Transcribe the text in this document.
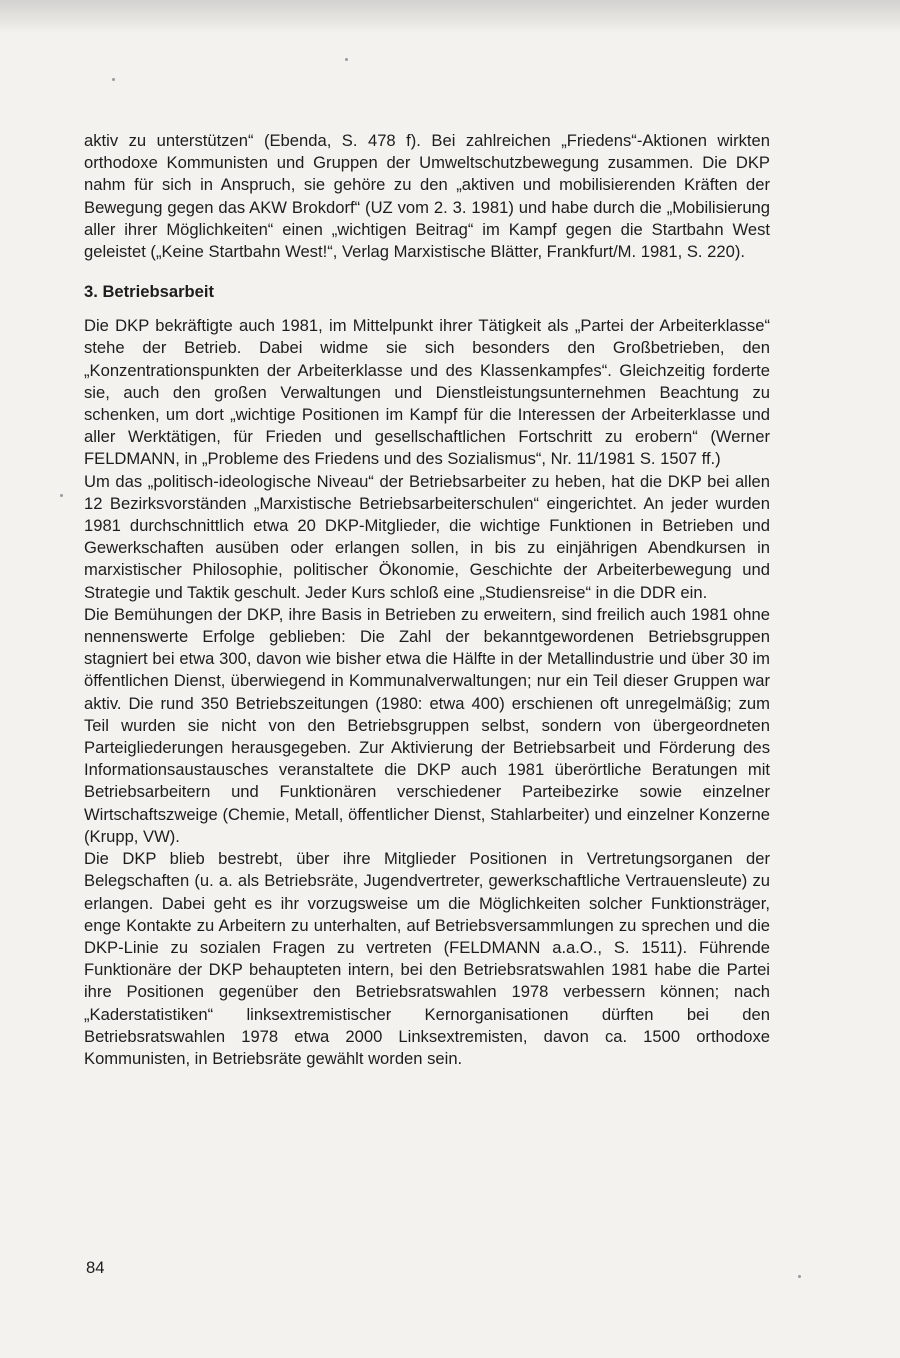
aktiv zu unterstützen“ (Ebenda, S. 478 f). Bei zahlreichen „Friedens“-Aktionen wirkten orthodoxe Kommunisten und Gruppen der Umweltschutzbewegung zusammen. Die DKP nahm für sich in Anspruch, sie gehöre zu den „aktiven und mobilisierenden Kräften der Bewegung gegen das AKW Brokdorf“ (UZ vom 2. 3. 1981) und habe durch die „Mobilisierung aller ihrer Möglichkeiten“ einen „wichtigen Beitrag“ im Kampf gegen die Startbahn West geleistet („Keine Startbahn West!“, Verlag Marxistische Blätter, Frankfurt/M. 1981, S. 220).

3. Betriebsarbeit

Die DKP bekräftigte auch 1981, im Mittelpunkt ihrer Tätigkeit als „Partei der Arbeiterklasse“ stehe der Betrieb. Dabei widme sie sich besonders den Großbetrieben, den „Konzentrationspunkten der Arbeiterklasse und des Klassenkampfes“. Gleichzeitig forderte sie, auch den großen Verwaltungen und Dienstleistungsunternehmen Beachtung zu schenken, um dort „wichtige Positionen im Kampf für die Interessen der Arbeiterklasse und aller Werktätigen, für Frieden und gesellschaftlichen Fortschritt zu erobern“ (Werner FELDMANN, in „Probleme des Friedens und des Sozialismus“, Nr. 11/1981 S. 1507 ff.)

Um das „politisch-ideologische Niveau“ der Betriebsarbeiter zu heben, hat die DKP bei allen 12 Bezirksvorständen „Marxistische Betriebsarbeiterschulen“ eingerichtet. An jeder wurden 1981 durchschnittlich etwa 20 DKP-Mitglieder, die wichtige Funktionen in Betrieben und Gewerkschaften ausüben oder erlangen sollen, in bis zu einjährigen Abendkursen in marxistischer Philosophie, politischer Ökonomie, Geschichte der Arbeiterbewegung und Strategie und Taktik geschult. Jeder Kurs schloß eine „Studiensreise“ in die DDR ein.

Die Bemühungen der DKP, ihre Basis in Betrieben zu erweitern, sind freilich auch 1981 ohne nennenswerte Erfolge geblieben: Die Zahl der bekanntgewordenen Betriebsgruppen stagniert bei etwa 300, davon wie bisher etwa die Hälfte in der Metallindustrie und über 30 im öffentlichen Dienst, überwiegend in Kommunalverwaltungen; nur ein Teil dieser Gruppen war aktiv. Die rund 350 Betriebszeitungen (1980: etwa 400) erschienen oft unregelmäßig; zum Teil wurden sie nicht von den Betriebsgruppen selbst, sondern von übergeordneten Parteigliederungen herausgegeben. Zur Aktivierung der Betriebsarbeit und Förderung des Informationsaustausches veranstaltete die DKP auch 1981 überörtliche Beratungen mit Betriebsarbeitern und Funktionären verschiedener Parteibezirke sowie einzelner Wirtschaftszweige (Chemie, Metall, öffentlicher Dienst, Stahlarbeiter) und einzelner Konzerne (Krupp, VW).

Die DKP blieb bestrebt, über ihre Mitglieder Positionen in Vertretungsorganen der Belegschaften (u. a. als Betriebsräte, Jugendvertreter, gewerkschaftliche Vertrauensleute) zu erlangen. Dabei geht es ihr vorzugsweise um die Möglichkeiten solcher Funktionsträger, enge Kontakte zu Arbeitern zu unterhalten, auf Betriebsversammlungen zu sprechen und die DKP-Linie zu sozialen Fragen zu vertreten (FELDMANN a.a.O., S. 1511). Führende Funktionäre der DKP behaupteten intern, bei den Betriebsratswahlen 1981 habe die Partei ihre Positionen gegenüber den Betriebsratswahlen 1978 verbessern können; nach „Kaderstatistiken“ linksextremistischer Kernorganisationen dürften bei den Betriebsratswahlen 1978 etwa 2000 Linksextremisten, davon ca. 1500 orthodoxe Kommunisten, in Betriebsräte gewählt worden sein.

84
